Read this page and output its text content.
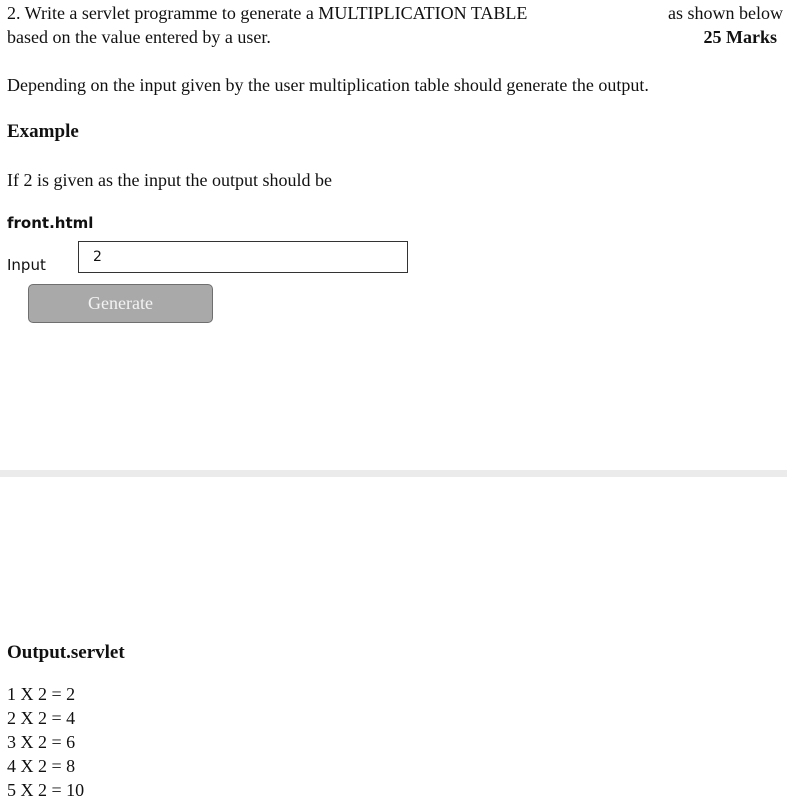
2. Write a servlet programme to generate a MULTIPLICATION TABLE	as shown below
based on the value entered by a user.	25 Marks
Depending on the input given by the user multiplication table should generate the output.
Example
If 2 is given as the input the output should be
front.html
Input	2
Generate
Output.servlet
1 X 2 = 2
2 X 2 = 4
3 X 2 = 6
4 X 2 = 8
5 X 2 = 10
